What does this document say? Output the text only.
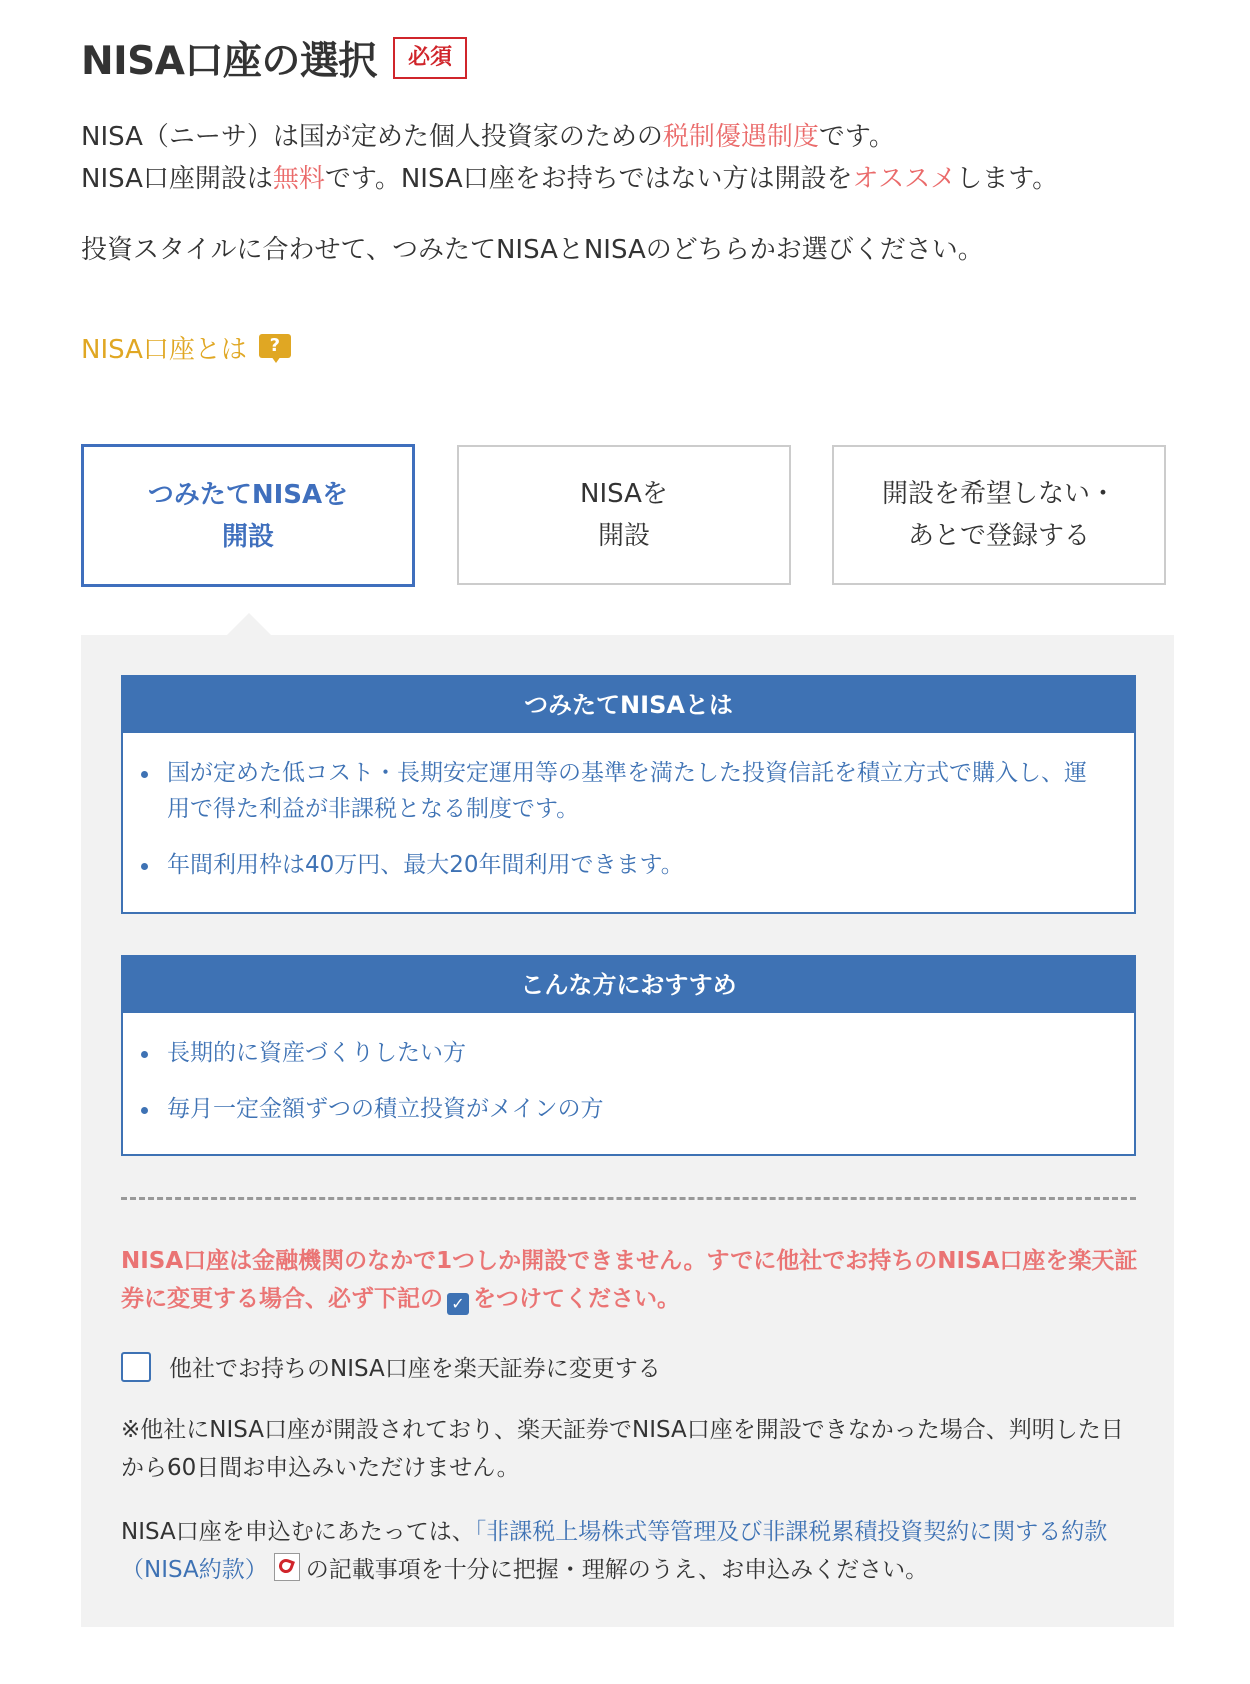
NISA口座の選択	必須
NISA（ニーサ）は国が定めた個人投資家のための税制優遇制度です。
NISA口座開設は無料です。NISA口座をお持ちではない方は開設をオススメします。
投資スタイルに合わせて、つみたてNISAとNISAのどちらかお選びください。
NISA口座とは	?
つみたてNISAを
開設
NISAを
開設
開設を希望しない・
あとで登録する
つみたてNISAとは
国が定めた低コスト・長期安定運用等の基準を満たした投資信託を積立方式で購入し、運用で得た利益が非課税となる制度です。
年間利用枠は40万円、最大20年間利用できます。
こんな方におすすめ
長期的に資産づくりしたい方
毎月一定金額ずつの積立投資がメインの方
NISA口座は金融機関のなかで1つしか開設できません。すでに他社でお持ちのNISA口座を楽天証券に変更する場合、必ず下記の ✓ をつけてください。
他社でお持ちのNISA口座を楽天証券に変更する
※他社にNISA口座が開設されており、楽天証券でNISA口座を開設できなかった場合、判明した日から60日間お申込みいただけません。
NISA口座を申込むにあたっては、「非課税上場株式等管理及び非課税累積投資契約に関する約款（NISA約款） の記載事項を十分に把握・理解のうえ、お申込みください。
